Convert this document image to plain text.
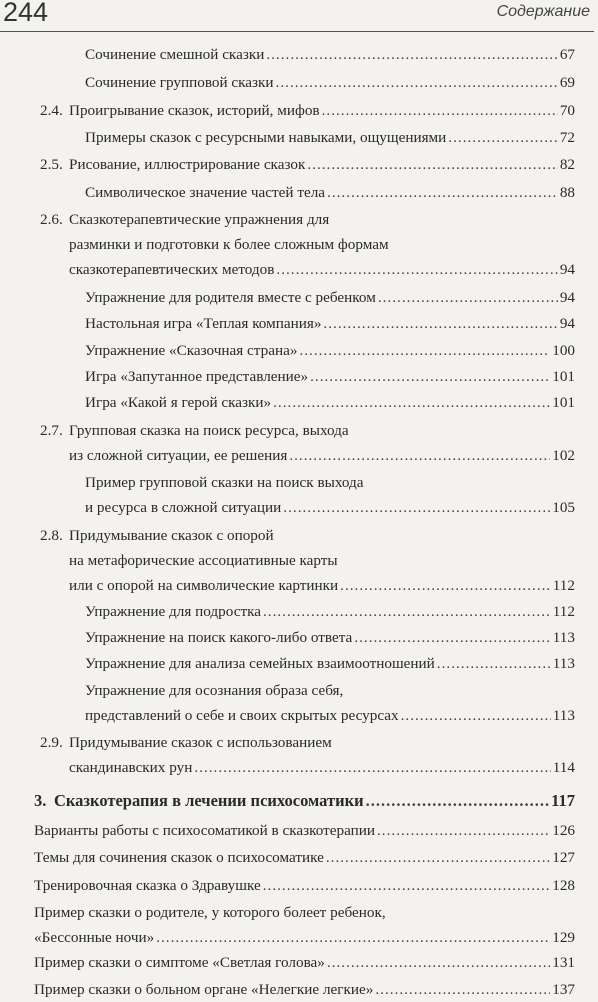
244	Содержание
Сочинение смешной сказки .....	67
Сочинение групповой сказки .....	69
2.4. Проигрывание сказок, историй, мифов .....	70
Примеры сказок с ресурсными навыками, ощущениями .....	72
2.5. Рисование, иллюстрирование сказок .....	82
Символическое значение частей тела .....	88
2.6. Сказкотерапевтические упражнения для
разминки и подготовки к более сложным формам
сказкотерапевтических методов .....	94
Упражнение для родителя вместе с ребенком .....	94
Настольная игра «Теплая компания» .....	94
Упражнение «Сказочная страна» .....	100
Игра «Запутанное представление» .....	101
Игра «Какой я герой сказки» .....	101
2.7. Групповая сказка на поиск ресурса, выхода
из сложной ситуации, ее решения .....	102
Пример групповой сказки на поиск выхода
и ресурса в сложной ситуации .....	105
2.8. Придумывание сказок с опорой
на метафорические ассоциативные карты
или с опорой на символические картинки .....	112
Упражнение для подростка .....	112
Упражнение на поиск какого-либо ответа .....	113
Упражнение для анализа семейных взаимоотношений .....	113
Упражнение для осознания образа себя,
представлений о себе и своих скрытых ресурсах .....	113
2.9. Придумывание сказок с использованием
скандинавских рун .....	114
3. Сказкотерапия в лечении психосоматики .....	117
Варианты работы с психосоматикой в сказкотерапии .....	126
Темы для сочинения сказок о психосоматике .....	127
Тренировочная сказка о Здравушке .....	128
Пример сказки о родителе, у которого болеет ребенок,
«Бессонные ночи» .....	129
Пример сказки о симптоме «Светлая голова» .....	131
Пример сказки о больном органе «Нелегкие легкие» .....	137
